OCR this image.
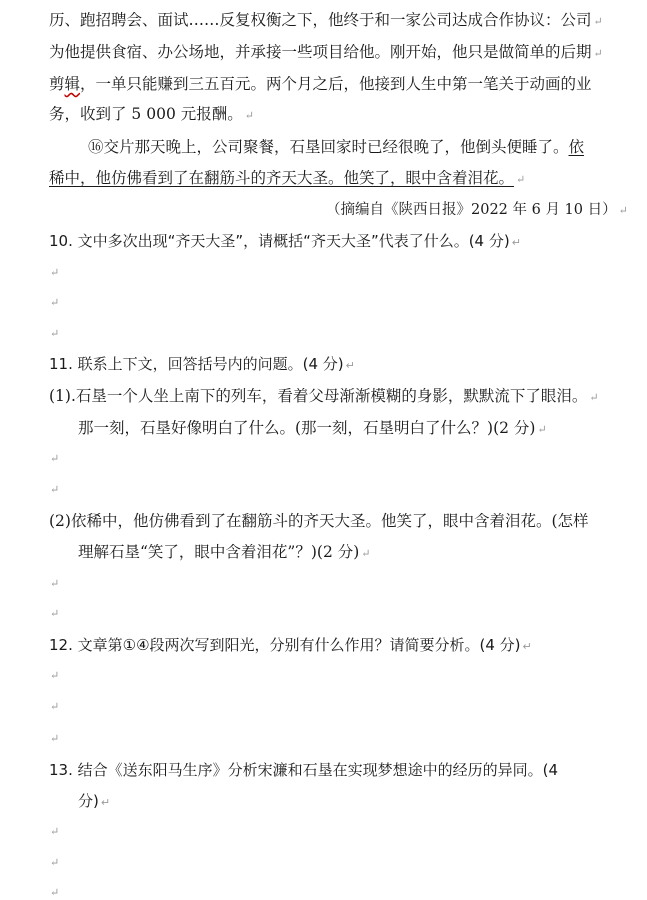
历、跑招聘会、面试……反复权衡之下，他终于和一家公司达成合作协议：公司 ↵
为他提供食宿、办公场地，并承接一些项目给他。刚开始，他只是做简单的后期 ↵
剪辑，一单只能赚到三五百元。两个月之后，他接到人生中第一笔关于动画的业
务，收到了 5 000 元报酬。 ↵
⑯交片那天晚上，公司聚餐，石垦回家时已经很晚了，他倒头便睡了。依
稀中，他仿佛看到了在翻筋斗的齐天大圣。他笑了，眼中含着泪花。 ↵
（摘编自《陕西日报》2022 年 6 月 10 日） ↵
10. 文中多次出现“齐天大圣”，请概括“齐天大圣”代表了什么。(4 分) ↵
↵
↵
↵
11. 联系上下文，回答括号内的问题。(4 分) ↵
(1).石垦一个人坐上南下的列车，看着父母渐渐模糊的身影，默默流下了眼泪。 ↵
那一刻，石垦好像明白了什么。(那一刻，石垦明白了什么？)(2 分) ↵
↵
↵
(2)依稀中，他仿佛看到了在翻筋斗的齐天大圣。他笑了，眼中含着泪花。(怎样
理解石垦“笑了，眼中含着泪花”？)(2 分) ↵
↵
↵
12. 文章第①④段两次写到阳光，分别有什么作用？请简要分析。(4 分) ↵
↵
↵
↵
13. 结合《送东阳马生序》分析宋濂和石垦在实现梦想途中的经历的异同。(4
分) ↵
↵
↵
↵
